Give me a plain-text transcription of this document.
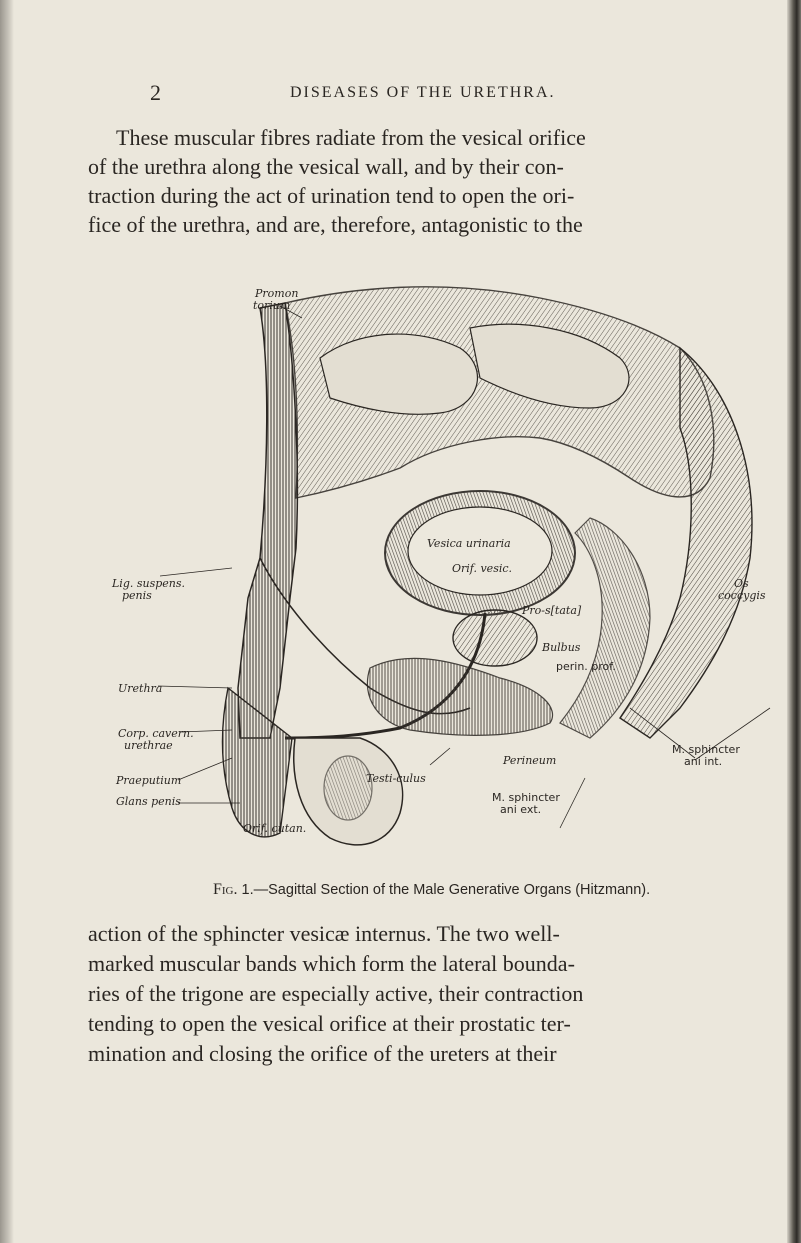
2	DISEASES OF THE URETHRA.
These muscular fibres radiate from the vesical orifice
of the urethra along the vesical wall, and by their con-
traction during the act of urination tend to open the ori-
fice of the urethra, and are, therefore, antagonistic to the
Promon
torium
Lig. suspens.
penis
Urethra
Corp. cavern.
urethrae
Praeputium
Glans penis
Orif. cutan.
Vesica urinaria
Orif. vesic.
Pro-s[tata]
Bulbus
perin. prof.
Perineum
Testi-culus
M. sphincter
ani ext.
M. sphincter
ani int.
Os
coccygis
Fig. 1.—Sagittal Section of the Male Generative Organs (Hitzmann).
action of the sphincter vesicæ internus. The two well-
marked muscular bands which form the lateral bounda-
ries of the trigone are especially active, their contraction
tending to open the vesical orifice at their prostatic ter-
mination and closing the orifice of the ureters at their
